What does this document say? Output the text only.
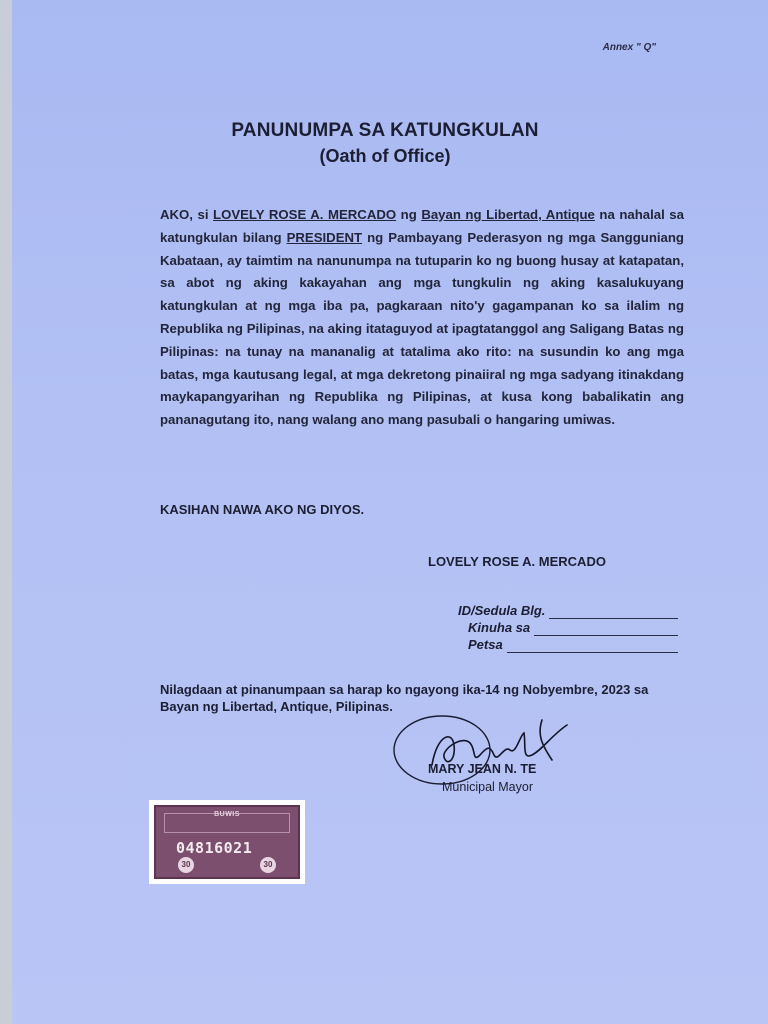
Annex " Q"
PANUNUMPA SA KATUNGKULAN
(Oath of Office)
AKO, si LOVELY ROSE A. MERCADO ng Bayan ng Libertad, Antique na nahalal sa katungkulan bilang PRESIDENT ng Pambayang Pederasyon ng mga Sangguniang Kabataan, ay taimtim na nanunumpa na tutuparin ko ng buong husay at katapatan, sa abot ng aking kakayahan ang mga tungkulin ng aking kasalukuyang katungkulan at ng mga iba pa, pagkaraan nito'y gagampanan ko sa ilalim ng Republika ng Pilipinas, na aking itataguyod at ipagtatanggol ang Saligang Batas ng Pilipinas: na tunay na mananalig at tatalima ako rito: na susundin ko ang mga batas, mga kautusang legal, at mga dekretong pinaiiral ng mga sadyang itinakdang maykapangyarihan ng Republika ng Pilipinas, at kusa kong babalikatin ang pananagutang ito, nang walang ano mang pasubali o hangaring umiwas.
KASIHAN NAWA AKO NG DIYOS.
LOVELY ROSE A. MERCADO
ID/Sedula Blg.
Kinuha sa
Petsa
Nilagdaan at pinanumpaan sa harap ko ngayong ika-14 ng Nobyembre, 2023 sa Bayan ng Libertad, Antique, Pilipinas.
MARY JEAN N. TE
Municipal Mayor
BUWIS
04816021
30	30
